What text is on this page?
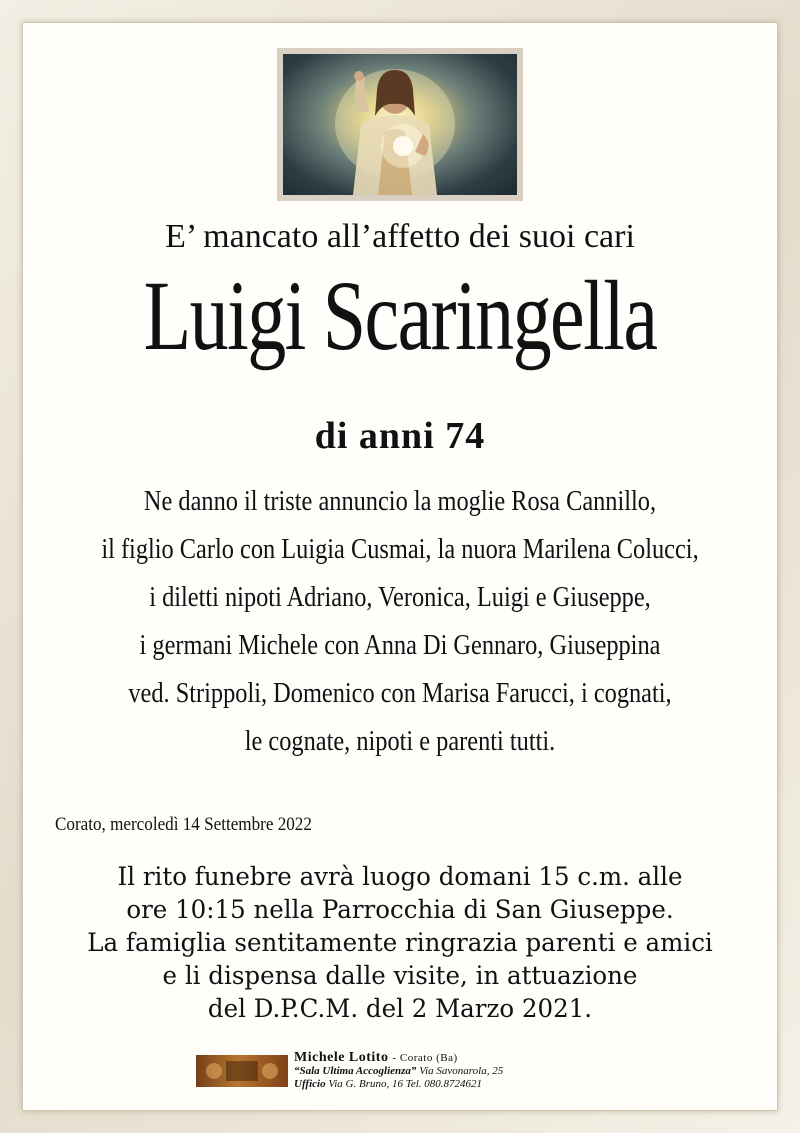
E’ mancato all’affetto dei suoi cari
Luigi Scaringella
di anni 74
Ne danno il triste annuncio la moglie Rosa Cannillo,
il figlio Carlo con Luigia Cusmai, la nuora Marilena Colucci,
i diletti nipoti Adriano, Veronica, Luigi e Giuseppe,
i germani Michele con Anna Di Gennaro, Giuseppina
ved. Strippoli, Domenico con Marisa Farucci, i cognati,
le cognate, nipoti e parenti tutti.
Corato, mercoledì 14 Settembre 2022
Il rito funebre avrà luogo domani 15 c.m. alle
ore 10:15 nella Parrocchia di San Giuseppe.
La famiglia sentitamente ringrazia parenti e amici
e li dispensa dalle visite, in attuazione
del D.P.C.M. del 2 Marzo 2021.
Michele Lotito - Corato (Ba)
“Sala Ultima Accoglienza” Via Savonarola, 25
Ufficio Via G. Bruno, 16 Tel. 080.8724621
